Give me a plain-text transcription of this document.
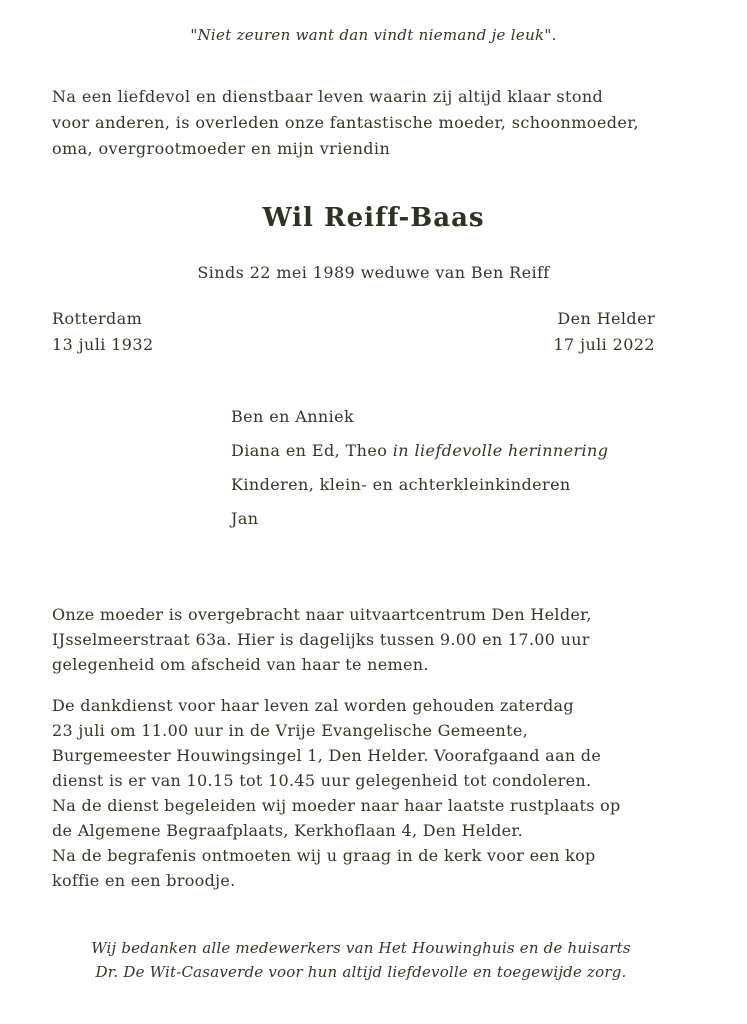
"Niet zeuren want dan vindt niemand je leuk".
Na een liefdevol en dienstbaar leven waarin zij altijd klaar stond
voor anderen, is overleden onze fantastische moeder, schoonmoeder,
oma, overgrootmoeder en mijn vriendin
Wil Reiff-Baas
Sinds 22 mei 1989 weduwe van Ben Reiff
Rotterdam
13 juli 1932
Den Helder
17 juli 2022
Ben en Anniek
Diana en Ed, Theo in liefdevolle herinnering
Kinderen, klein- en achterkleinkinderen
Jan
Onze moeder is overgebracht naar uitvaartcentrum Den Helder,
IJsselmeerstraat 63a. Hier is dagelijks tussen 9.00 en 17.00 uur
gelegenheid om afscheid van haar te nemen.
De dankdienst voor haar leven zal worden gehouden zaterdag
23 juli om 11.00 uur in de Vrije Evangelische Gemeente,
Burgemeester Houwingsingel 1, Den Helder. Voorafgaand aan de
dienst is er van 10.15 tot 10.45 uur gelegenheid tot condoleren.
Na de dienst begeleiden wij moeder naar haar laatste rustplaats op
de Algemene Begraafplaats, Kerkhoflaan 4, Den Helder.
Na de begrafenis ontmoeten wij u graag in de kerk voor een kop
koffie en een broodje.
Wij bedanken alle medewerkers van Het Houwinghuis en de huisarts
Dr. De Wit-Casaverde voor hun altijd liefdevolle en toegewijde zorg.
